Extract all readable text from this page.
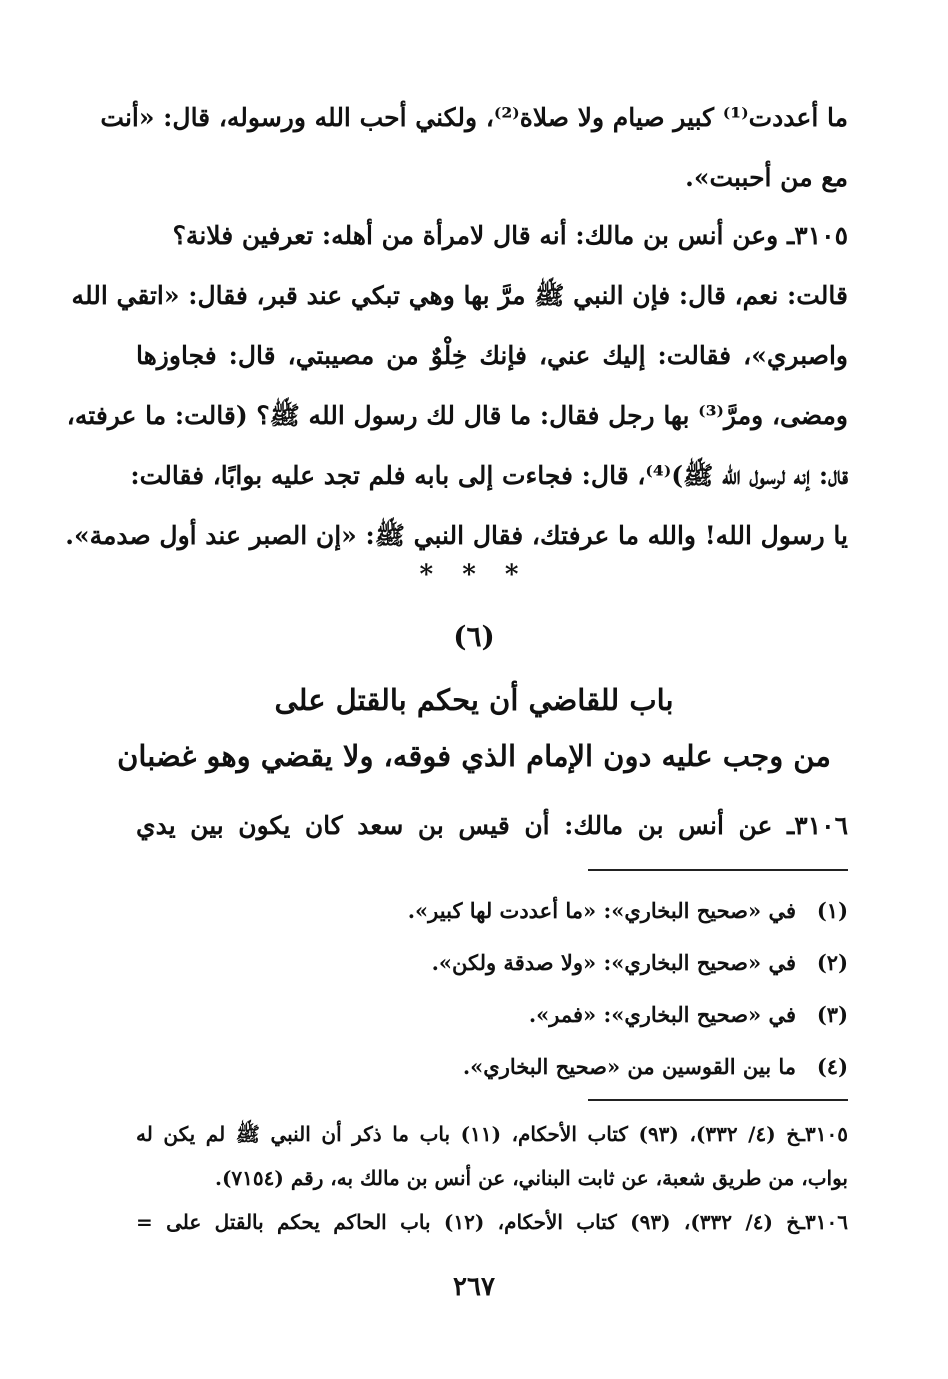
ما أعددت⁽¹⁾ كبير صيام ولا صلاة⁽²⁾، ولكني أحب الله ورسوله، قال: «أنت
مع من أحببت».
٣١٠٥ـ وعن أنس بن مالك: أنه قال لامرأة من أهله: تعرفين فلانة؟
قالت: نعم، قال: فإن النبي ﷺ مرَّ بها وهي تبكي عند قبر، فقال: «اتقي الله
واصبري»، فقالت: إليك عني، فإنك خِلْوٌ من مصيبتي، قال: فجاوزها
ومضى، ومرَّ⁽³⁾ بها رجل فقال: ما قال لك رسول الله ﷺ؟ (قالت: ما عرفته،
قال: إنه لرسول الله ﷺ)⁽⁴⁾، قال: فجاءت إلى بابه فلم تجد عليه بوابًا، فقالت:
يا رسول الله! والله ما عرفتك، فقال النبي ﷺ: «إن الصبر عند أول صدمة».
* * *
(٦)
باب للقاضي أن يحكم بالقتل على
من وجب عليه دون الإمام الذي فوقه، ولا يقضي وهو غضبان
٣١٠٦ـ عن أنس بن مالك: أن قيس بن سعد كان يكون بين يدي
(١)في «صحيح البخاري»: «ما أعددت لها كبير».
(٢)في «صحيح البخاري»: «ولا صدقة ولكن».
(٣)في «صحيح البخاري»: «فمر».
(٤)ما بين القوسين من «صحيح البخاري».
٣١٠٥ـخ (٤/ ٣٣٢)، (٩٣) كتاب الأحكام، (١١) باب ما ذكر أن النبي ﷺ لم يكن له
بواب، من طريق شعبة، عن ثابت البناني، عن أنس بن مالك به، رقم (٧١٥٤).
٣١٠٦ـخ (٤/ ٣٣٢)، (٩٣) كتاب الأحكام، (١٢) باب الحاكم يحكم بالقتل على =
٢٦٧
